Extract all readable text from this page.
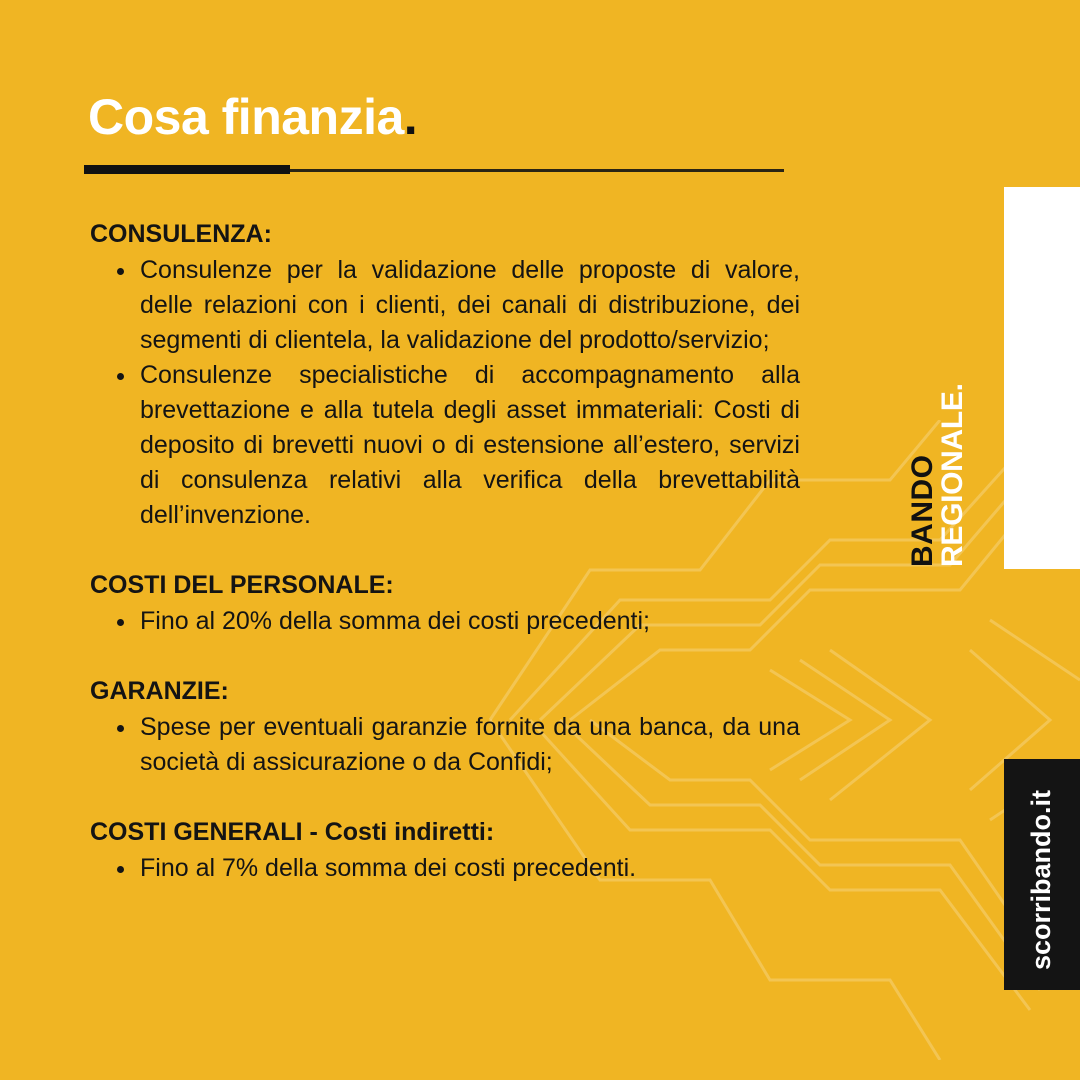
Cosa finanzia.
CONSULENZA:
Consulenze per la validazione delle proposte di valore, delle relazioni con i clienti, dei canali di distribuzione, dei segmenti di clientela, la validazione del prodotto/servizio;
Consulenze specialistiche di accompagnamento alla brevettazione e alla tutela degli asset immateriali: Costi di deposito di brevetti nuovi o di estensione all’estero, servizi di consulenza relativi alla verifica della brevettabilità dell’invenzione.
COSTI DEL PERSONALE:
Fino al 20% della somma dei costi precedenti;
GARANZIE:
Spese per eventuali garanzie fornite da una banca, da una società di assicurazione o da Confidi;
COSTI GENERALI - Costi indiretti:
Fino al 7% della somma dei costi precedenti.
BANDO
REGIONALE.
scorribando.it
